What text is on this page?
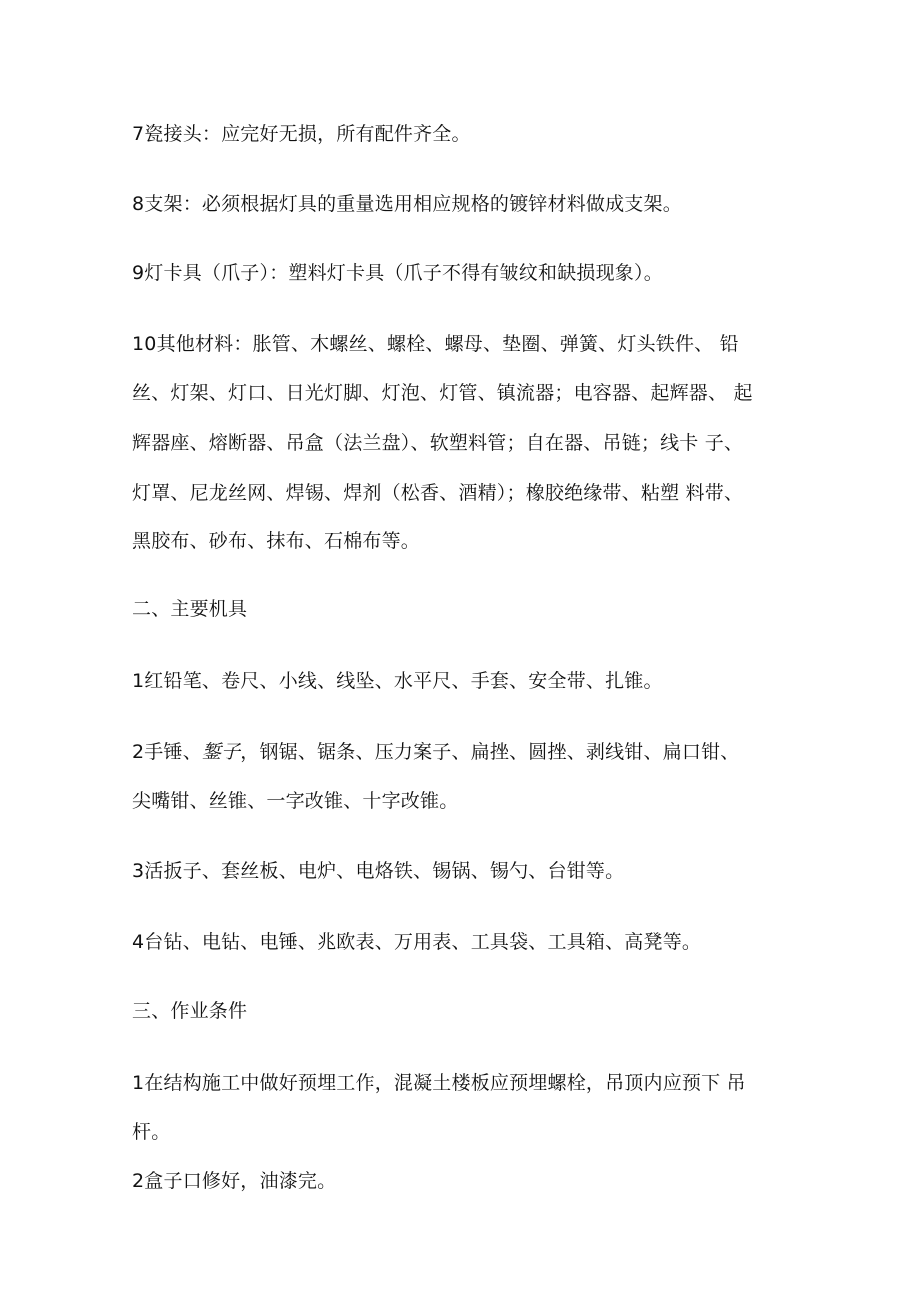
7瓷接头：应完好无损，所有配件齐全。
8支架：必须根据灯具的重量选用相应规格的镀锌材料做成支架。
9灯卡具（爪子）：塑料灯卡具（爪子不得有皱纹和缺损现象）。
10其他材料：胀管、木螺丝、螺栓、螺母、垫圈、弹簧、灯头铁件、 铅
丝、灯架、灯口、日光灯脚、灯泡、灯管、镇流器；电容器、起辉器、 起
辉器座、熔断器、吊盒（法兰盘）、软塑料管；自在器、吊链；线卡 子、
灯罩、尼龙丝网、焊锡、焊剂（松香、酒精）；橡胶绝缘带、粘塑 料带、
黑胶布、砂布、抹布、石棉布等。
二、主要机具
1红铅笔、卷尺、小线、线坠、水平尺、手套、安全带、扎锥。
2手锤、錾子，钢锯、锯条、压力案子、扁挫、圆挫、剥线钳、扁口钳、
尖嘴钳、丝锥、一字改锥、十字改锥。
3活扳子、套丝板、电炉、电烙铁、锡锅、锡勺、台钳等。
4台钻、电钻、电锤、兆欧表、万用表、工具袋、工具箱、高凳等。
三、作业条件
1在结构施工中做好预埋工作，混凝土楼板应预埋螺栓，吊顶内应预下 吊
杆。
2盒子口修好，油漆完。
